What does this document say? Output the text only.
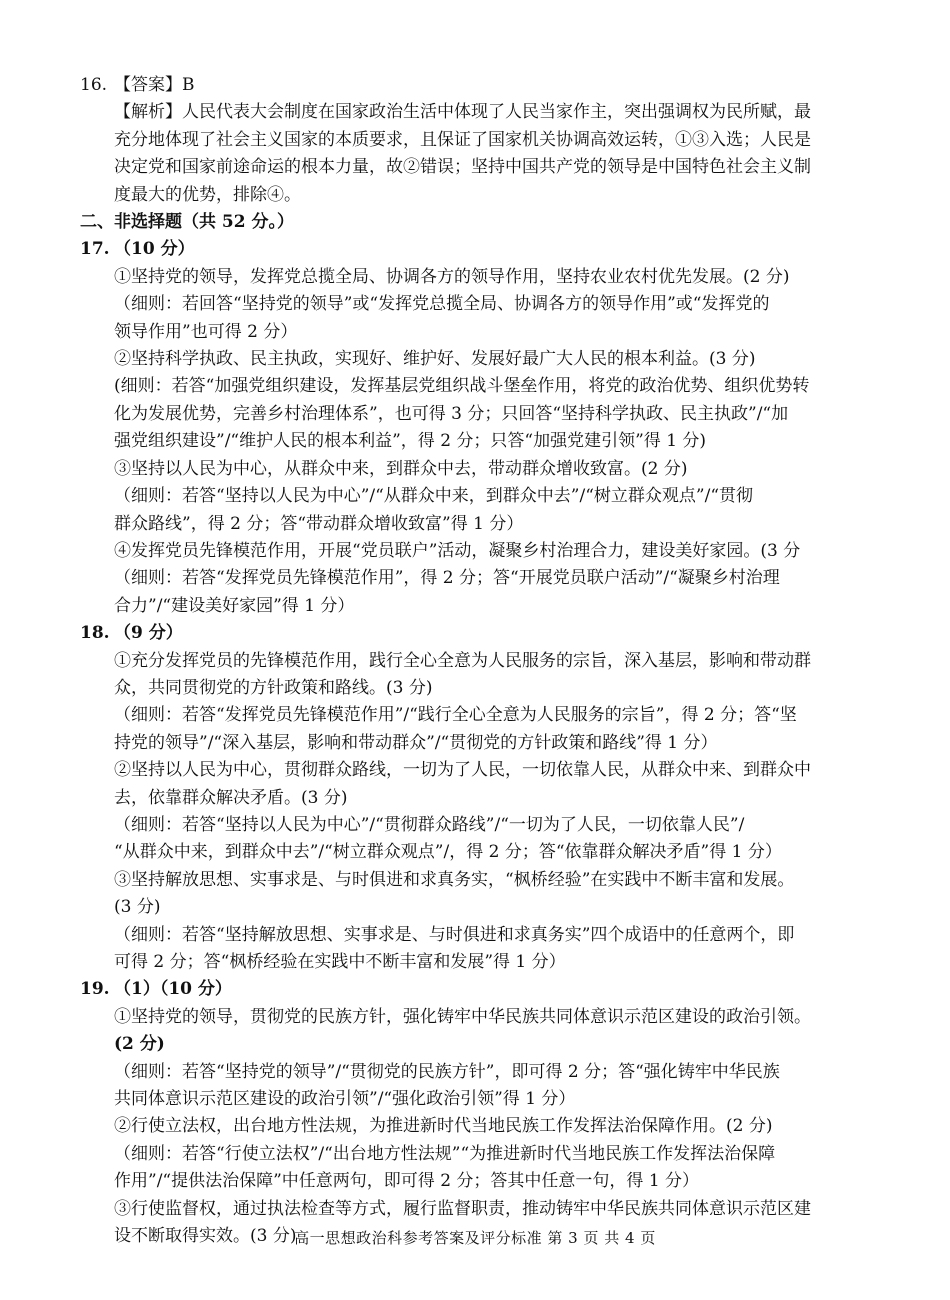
16. 【答案】B
【解析】人民代表大会制度在国家政治生活中体现了人民当家作主，突出强调权为民所赋，最
充分地体现了社会主义国家的本质要求，且保证了国家机关协调高效运转，①③入选；人民是
决定党和国家前途命运的根本力量，故②错误；坚持中国共产党的领导是中国特色社会主义制
度最大的优势，排除④。
二、非选择题（共 52 分。）
17. （10 分）
①坚持党的领导，发挥党总揽全局、协调各方的领导作用，坚持农业农村优先发展。(2 分)
（细则：若回答“坚持党的领导”或“发挥党总揽全局、协调各方的领导作用”或“发挥党的
领导作用”也可得 2 分）
②坚持科学执政、民主执政，实现好、维护好、发展好最广大人民的根本利益。(3 分)
(细则：若答“加强党组织建设，发挥基层党组织战斗堡垒作用，将党的政治优势、组织优势转
化为发展优势，完善乡村治理体系”，也可得 3 分；只回答“坚持科学执政、民主执政”/“加
强党组织建设”/“维护人民的根本利益”，得 2 分；只答“加强党建引领”得 1 分)
③坚持以人民为中心，从群众中来，到群众中去，带动群众增收致富。(2 分)
（细则：若答“坚持以人民为中心”/“从群众中来，到群众中去”/“树立群众观点”/“贯彻
群众路线”，得 2 分；答“带动群众增收致富”得 1 分）
④发挥党员先锋模范作用，开展“党员联户”活动，凝聚乡村治理合力，建设美好家园。(3 分
（细则：若答“发挥党员先锋模范作用”，得 2 分；答“开展党员联户活动”/“凝聚乡村治理
合力”/“建设美好家园”得 1 分）
18. （9 分）
①充分发挥党员的先锋模范作用，践行全心全意为人民服务的宗旨，深入基层，影响和带动群
众，共同贯彻党的方针政策和路线。(3 分)
（细则：若答“发挥党员先锋模范作用”/“践行全心全意为人民服务的宗旨”，得 2 分；答“坚
持党的领导”/“深入基层，影响和带动群众”/“贯彻党的方针政策和路线”得 1 分）
②坚持以人民为中心，贯彻群众路线，一切为了人民，一切依靠人民，从群众中来、到群众中
去，依靠群众解决矛盾。(3 分)
（细则：若答“坚持以人民为中心”/“贯彻群众路线”/“一切为了人民，一切依靠人民”/
“从群众中来，到群众中去”/“树立群众观点”/，得 2 分；答“依靠群众解决矛盾”得 1 分）
③坚持解放思想、实事求是、与时俱进和求真务实，“枫桥经验”在实践中不断丰富和发展。
(3 分)
（细则：若答“坚持解放思想、实事求是、与时俱进和求真务实”四个成语中的任意两个，即
可得 2 分；答“枫桥经验在实践中不断丰富和发展”得 1 分）
19. （1）（10 分）
①坚持党的领导，贯彻党的民族方针，强化铸牢中华民族共同体意识示范区建设的政治引领。
(2 分)
（细则：若答“坚持党的领导”/“贯彻党的民族方针”，即可得 2 分；答“强化铸牢中华民族
共同体意识示范区建设的政治引领”/“强化政治引领”得 1 分）
②行使立法权，出台地方性法规，为推进新时代当地民族工作发挥法治保障作用。(2 分)
（细则：若答“行使立法权”/“出台地方性法规”“为推进新时代当地民族工作发挥法治保障
作用”/“提供法治保障”中任意两句，即可得 2 分；答其中任意一句，得 1 分）
③行使监督权，通过执法检查等方式，履行监督职责，推动铸牢中华民族共同体意识示范区建
设不断取得实效。(3 分)
高一思想政治科参考答案及评分标准 第 3 页 共 4 页
